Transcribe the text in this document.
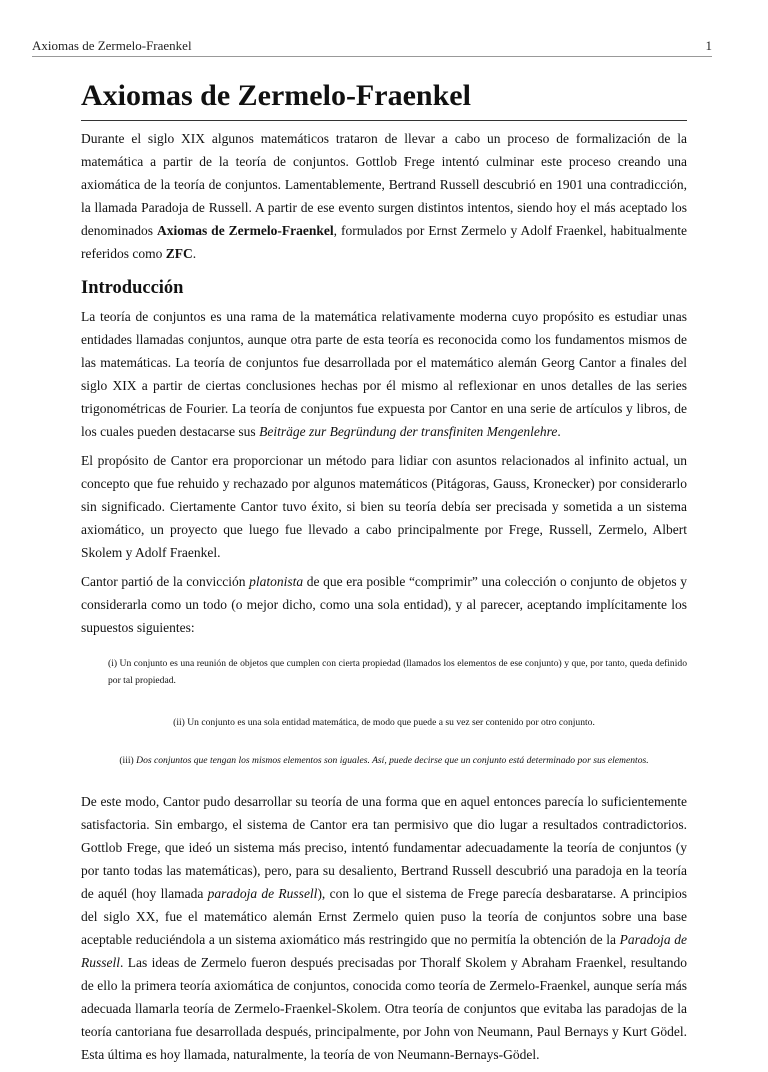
Axiomas de Zermelo-Fraenkel	1
Axiomas de Zermelo-Fraenkel

Durante el siglo XIX algunos matemáticos trataron de llevar a cabo un proceso de formalización de la matemática a partir de la teoría de conjuntos. Gottlob Frege intentó culminar este proceso creando una axiomática de la teoría de conjuntos. Lamentablemente, Bertrand Russell descubrió en 1901 una contradicción, la llamada Paradoja de Russell. A partir de ese evento surgen distintos intentos, siendo hoy el más aceptado los denominados Axiomas de Zermelo-Fraenkel, formulados por Ernst Zermelo y Adolf Fraenkel, habitualmente referidos como ZFC.

Introducción

La teoría de conjuntos es una rama de la matemática relativamente moderna cuyo propósito es estudiar unas entidades llamadas conjuntos, aunque otra parte de esta teoría es reconocida como los fundamentos mismos de las matemáticas. La teoría de conjuntos fue desarrollada por el matemático alemán Georg Cantor a finales del siglo XIX a partir de ciertas conclusiones hechas por él mismo al reflexionar en unos detalles de las series trigonométricas de Fourier. La teoría de conjuntos fue expuesta por Cantor en una serie de artículos y libros, de los cuales pueden destacarse sus Beiträge zur Begründung der transfiniten Mengenlehre.

El propósito de Cantor era proporcionar un método para lidiar con asuntos relacionados al infinito actual, un concepto que fue rehuido y rechazado por algunos matemáticos (Pitágoras, Gauss, Kronecker) por considerarlo sin significado. Ciertamente Cantor tuvo éxito, si bien su teoría debía ser precisada y sometida a un sistema axiomático, un proyecto que luego fue llevado a cabo principalmente por Frege, Russell, Zermelo, Albert Skolem y Adolf Fraenkel.

Cantor partió de la convicción platonista de que era posible “comprimir” una colección o conjunto de objetos y considerarla como un todo (o mejor dicho, como una sola entidad), y al parecer, aceptando implícitamente los supuestos siguientes:

(i) Un conjunto es una reunión de objetos que cumplen con cierta propiedad (llamados los elementos de ese conjunto) y que, por tanto, queda definido por tal propiedad.

(ii) Un conjunto es una sola entidad matemática, de modo que puede a su vez ser contenido por otro conjunto.

(iii) Dos conjuntos que tengan los mismos elementos son iguales. Así, puede decirse que un conjunto está determinado por sus elementos.

De este modo, Cantor pudo desarrollar su teoría de una forma que en aquel entonces parecía lo suficientemente satisfactoria. Sin embargo, el sistema de Cantor era tan permisivo que dio lugar a resultados contradictorios. Gottlob Frege, que ideó un sistema más preciso, intentó fundamentar adecuadamente la teoría de conjuntos (y por tanto todas las matemáticas), pero, para su desaliento, Bertrand Russell descubrió una paradoja en la teoría de aquél (hoy llamada paradoja de Russell), con lo que el sistema de Frege parecía desbaratarse. A principios del siglo XX, fue el matemático alemán Ernst Zermelo quien puso la teoría de conjuntos sobre una base aceptable reduciéndola a un sistema axiomático más restringido que no permitía la obtención de la Paradoja de Russell. Las ideas de Zermelo fueron después precisadas por Thoralf Skolem y Abraham Fraenkel, resultando de ello la primera teoría axiomática de conjuntos, conocida como teoría de Zermelo-Fraenkel, aunque sería más adecuada llamarla teoría de Zermelo-Fraenkel-Skolem. Otra teoría de conjuntos que evitaba las paradojas de la teoría cantoriana fue desarrollada después, principalmente, por John von Neumann, Paul Bernays y Kurt Gödel. Esta última es hoy llamada, naturalmente, la teoría de von Neumann-Bernays-Gödel.
